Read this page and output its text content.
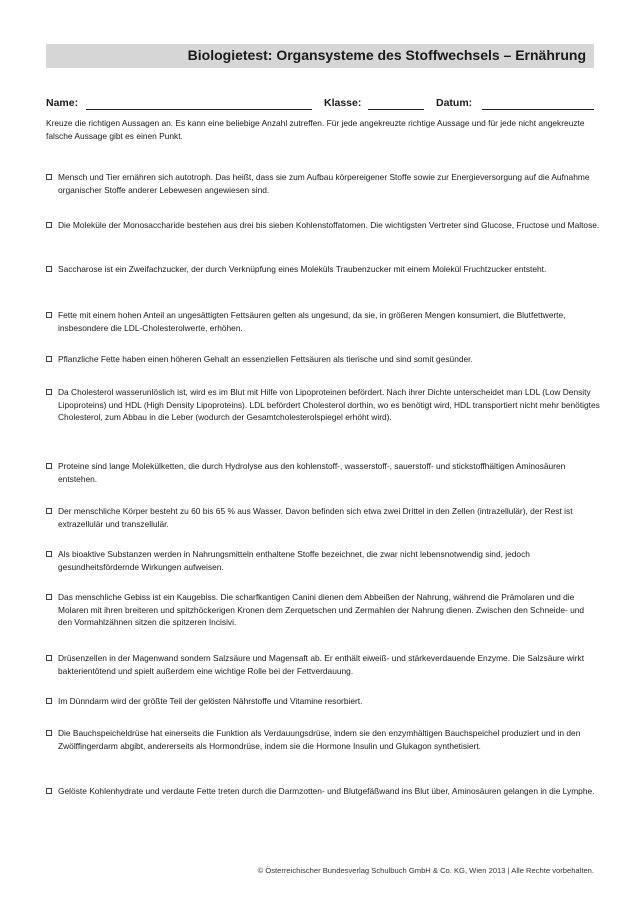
Biologietest: Organsysteme des Stoffwechsels – Ernährung
Name:	Klasse:	Datum:
Kreuze die richtigen Aussagen an. Es kann eine beliebige Anzahl zutreffen. Für jede angekreuzte richtige Aussage und für jede nicht angekreuzte falsche Aussage gibt es einen Punkt.
Mensch und Tier ernähren sich autotroph. Das heißt, dass sie zum Aufbau körpereigener Stoffe sowie zur Energieversorgung auf die Aufnahme organischer Stoffe anderer Lebewesen angewiesen sind.
Die Moleküle der Monosaccharide bestehen aus drei bis sieben Kohlenstoffatomen. Die wichtigsten Vertreter sind Glucose, Fructose und Maltose.
Saccharose ist ein Zweifachzucker, der durch Verknüpfung eines Moleküls Traubenzucker mit einem Molekül Fruchtzucker entsteht.
Fette mit einem hohen Anteil an ungesättigten Fettsäuren gelten als ungesund, da sie, in größeren Mengen konsumiert, die Blutfettwerte, insbesondere die LDL-Cholesterolwerte, erhöhen.
Pflanzliche Fette haben einen höheren Gehalt an essenziellen Fettsäuren als tierische und sind somit gesünder.
Da Cholesterol wasserunlöslich ist, wird es im Blut mit Hilfe von Lipoproteinen befördert. Nach ihrer Dichte unterscheidet man LDL (Low Density Lipoproteins) und HDL (High Density Lipoproteins). LDL befördert Cholesterol dorthin, wo es benötigt wird, HDL transportiert nicht mehr benötigtes Cholesterol, zum Abbau in die Leber (wodurch der Gesamtcholesterolspiegel erhöht wird).
Proteine sind lange Molekülketten, die durch Hydrolyse aus den kohlenstoff-, wasserstoff-, sauerstoff- und stickstoffhältigen Aminosäuren entstehen.
Der menschliche Körper besteht zu 60 bis 65 % aus Wasser. Davon befinden sich etwa zwei Drittel in den Zellen (intrazellulär), der Rest ist extrazellulär und transzellulär.
Als bioaktive Substanzen werden in Nahrungsmitteln enthaltene Stoffe bezeichnet, die zwar nicht lebensnotwendig sind, jedoch gesundheitsfördernde Wirkungen aufweisen.
Das menschliche Gebiss ist ein Kaugebiss. Die scharfkantigen Canini dienen dem Abbeißen der Nahrung, während die Prämolaren und die Molaren mit ihren breiteren und spitzhöckerigen Kronen dem Zerquetschen und Zermahlen der Nahrung dienen. Zwischen den Schneide- und den Vormahlzähnen sitzen die spitzeren Incisivi.
Drüsenzellen in der Magenwand sondern Salzsäure und Magensaft ab. Er enthält eiweiß- und stärkeverdauende Enzyme. Die Salzsäure wirkt bakterientötend und spielt außerdem eine wichtige Rolle bei der Fettverdauung.
Im Dünndarm wird der größte Teil der gelösten Nährstoffe und Vitamine resorbiert.
Die Bauchspeicheldrüse hat einerseits die Funktion als Verdauungsdrüse, indem sie den enzymhältigen Bauchspeichel produziert und in den Zwölffingerdarm abgibt, andererseits als Hormondrüse, indem sie die Hormone Insulin und Glukagon synthetisiert.
Gelöste Kohlenhydrate und verdaute Fette treten durch die Darmzotten- und Blutgefäßwand ins Blut über, Aminosäuren gelangen in die Lymphe.
© Österreichischer Bundesverlag Schulbuch GmbH & Co. KG, Wien 2013 | Alle Rechte vorbehalten.
